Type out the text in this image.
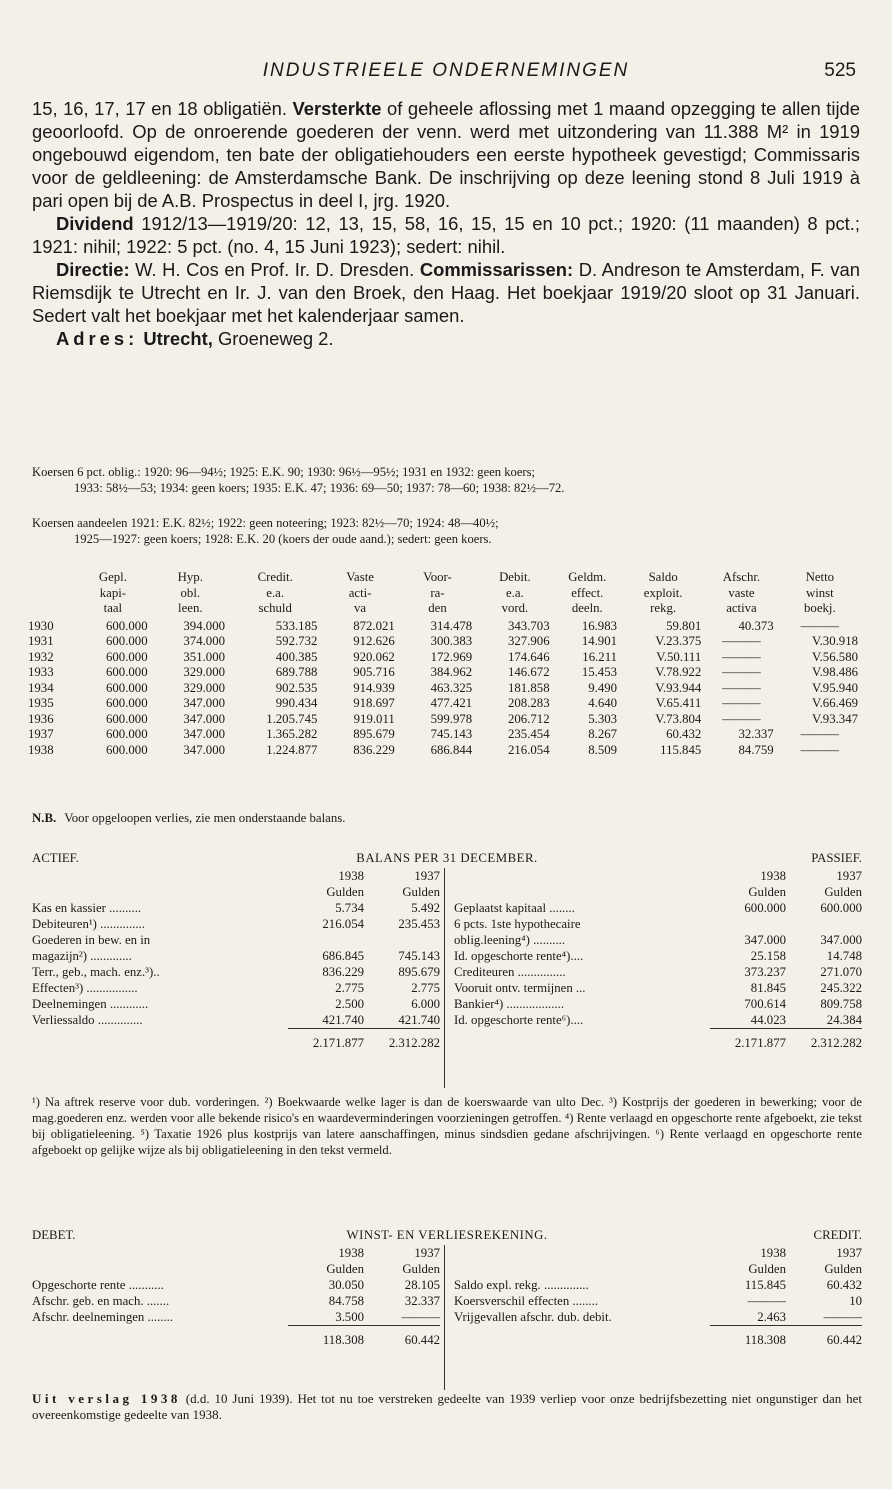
INDUSTRIEELE ONDERNEMINGEN	525

15, 16, 17, 17 en 18 obligatiën. Versterkte of geheele aflossing met 1 maand opzegging te allen tijde geoorloofd. Op de onroerende goederen der venn. werd met uitzondering van 11.388 M² in 1919 ongebouwd eigendom, ten bate der obligatiehouders een eerste hypotheek gevestigd; Commissaris voor de geldleening: de Amsterdamsche Bank. De inschrijving op deze leening stond 8 Juli 1919 à pari open bij de A.B. Prospectus in deel I, jrg. 1920.

Dividend 1912/13—1919/20: 12, 13, 15, 58, 16, 15, 15 en 10 pct.; 1920: (11 maanden) 8 pct.; 1921: nihil; 1922: 5 pct. (no. 4, 15 Juni 1923); sedert: nihil.

Directie: W. H. Cos en Prof. Ir. D. Dresden. Commissarissen: D. Andreson te Amsterdam, F. van Riemsdijk te Utrecht en Ir. J. van den Broek, den Haag. Het boekjaar 1919/20 sloot op 31 Januari. Sedert valt het boekjaar met het kalenderjaar samen.

Adres: Utrecht, Groeneweg 2.

Koersen 6 pct. oblig.: 1920: 96—94½; 1925: E.K. 90; 1930: 96½—95½; 1931 en 1932: geen koers;

1933: 58½—53; 1934: geen koers; 1935: E.K. 47; 1936: 69—50; 1937: 78—60; 1938: 82½—72.

Koersen aandeelen 1921: E.K. 82½; 1922: geen noteering; 1923: 82½—70; 1924: 48—40½;

1925—1927: geen koers; 1928: E.K. 20 (koers der oude aand.); sedert: geen koers.

	Gepl.	Hyp.	Credit.	Vaste	Voor-	Debit.	Geldm.	Saldo	Afschr.	Netto
	kapi-	obl.	e.a.	acti-	ra-	e.a.	effect.	exploit.	vaste	winst
	taal	leen.	schuld	va	den	vord.	deeln.	rekg.	activa	boekj.
1930	600.000	394.000	533.185	872.021	314.478	343.703	16.983	59.801	40.373	———
1931	600.000	374.000	592.732	912.626	300.383	327.906	14.901	V.23.375	———	V.30.918
1932	600.000	351.000	400.385	920.062	172.969	174.646	16.211	V.50.111	———	V.56.580
1933	600.000	329.000	689.788	905.716	384.962	146.672	15.453	V.78.922	———	V.98.486
1934	600.000	329.000	902.535	914.939	463.325	181.858	9.490	V.93.944	———	V.95.940
1935	600.000	347.000	990.434	918.697	477.421	208.283	4.640	V.65.411	———	V.66.469
1936	600.000	347.000	1.205.745	919.011	599.978	206.712	5.303	V.73.804	———	V.93.347
1937	600.000	347.000	1.365.282	895.679	745.143	235.454	8.267	60.432	32.337	———
1938	600.000	347.000	1.224.877	836.229	686.844	216.054	8.509	115.845	84.759	———
N.B. Voor opgeloopen verlies, zie men onderstaande balans.
ACTIEF.	BALANS PER 31 DECEMBER.	PASSIEF.
	1938	1937
	Gulden	Gulden
Kas en kassier ..........	5.734	5.492
Debiteuren¹) ..............	216.054	235.453
Goederen in bew. en in		
magazijn²) .............	686.845	745.143
Terr., geb., mach. enz.³)..	836.229	895.679
Effecten³) ................	2.775	2.775
Deelnemingen ............	2.500	6.000
Verliessaldo ..............	421.740	421.740
	2.171.877	2.312.282
	1938	1937
	Gulden	Gulden
Geplaatst kapitaal ........	600.000	600.000
6 pcts. 1ste hypothecaire		
oblig.leening⁴) ..........	347.000	347.000
Id. opgeschorte rente⁴)....	25.158	14.748
Crediteuren ...............	373.237	271.070
Vooruit ontv. termijnen ...	81.845	245.322
Bankier⁴) ..................	700.614	809.758
Id. opgeschorte rente⁶)....	44.023	24.384
	2.171.877	2.312.282
¹) Na aftrek reserve voor dub. vorderingen. ²) Boekwaarde welke lager is dan de koerswaarde van ulto Dec. ³) Kostprijs der goederen in bewerking; voor de mag.goederen enz. werden voor alle bekende risico's en waardeverminderingen voorzieningen getroffen. ⁴) Rente verlaagd en opgeschorte rente afgeboekt, zie tekst bij obligatieleening. ⁵) Taxatie 1926 plus kostprijs van latere aanschaffingen, minus sindsdien gedane afschrijvingen. ⁶) Rente verlaagd en opgeschorte rente afgeboekt op gelijke wijze als bij obligatieleening in den tekst vermeld.
DEBET.	WINST- EN VERLIESREKENING.	CREDIT.
	1938	1937
	Gulden	Gulden
Opgeschorte rente ...........	30.050	28.105
Afschr. geb. en mach. .......	84.758	32.337
Afschr. deelnemingen ........	3.500	———
	118.308	60.442
	1938	1937
	Gulden	Gulden
Saldo expl. rekg. ..............	115.845	60.432
Koersverschil effecten ........	———	10
Vrijgevallen afschr. dub. debit.	2.463	———
	118.308	60.442
Uit verslag 1938 (d.d. 10 Juni 1939). Het tot nu toe verstreken gedeelte van 1939 verliep voor onze bedrijfsbezetting niet ongunstiger dan het overeenkomstige gedeelte van 1938.
